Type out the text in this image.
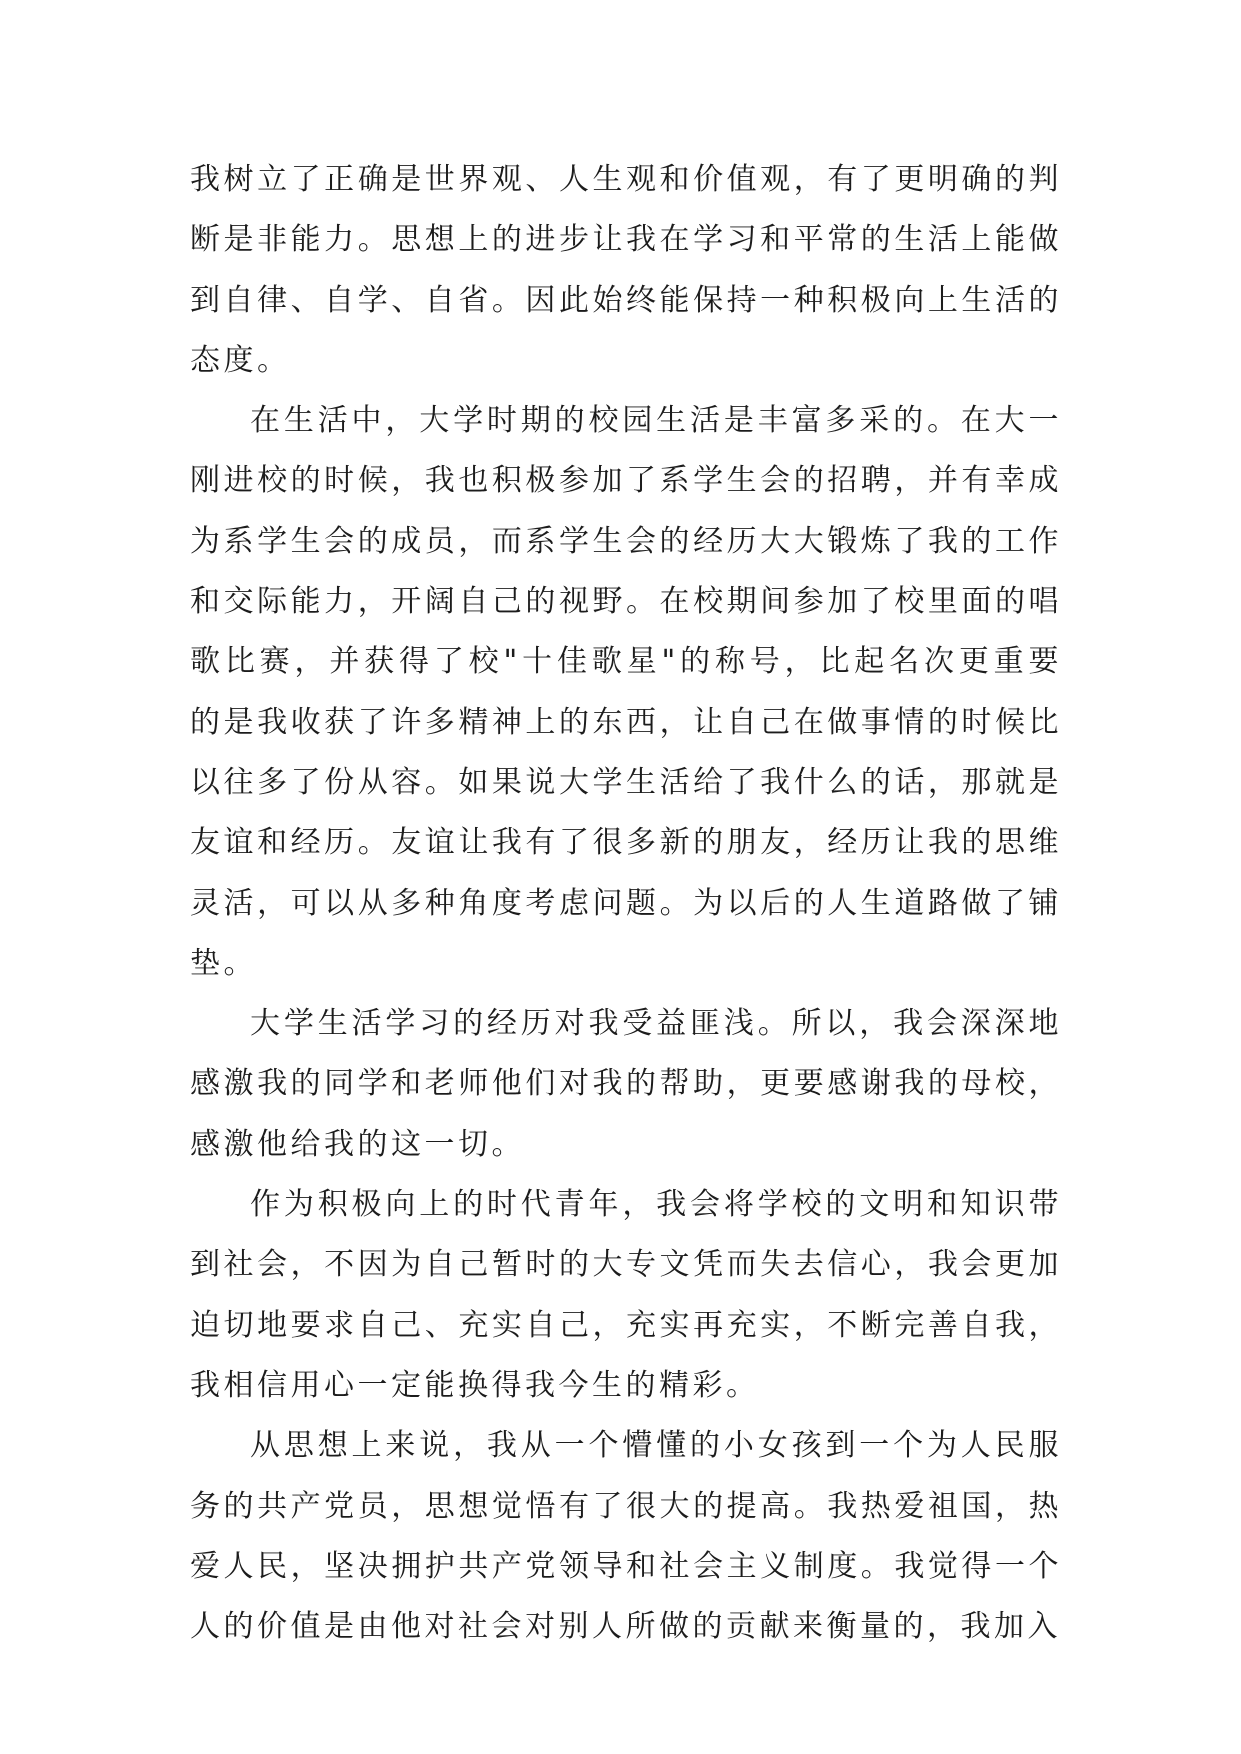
我树立了正确是世界观、人生观和价值观，有了更明确的判断是非能力。思想上的进步让我在学习和平常的生活上能做到自律、自学、自省。因此始终能保持一种积极向上生活的态度。

在生活中，大学时期的校园生活是丰富多采的。在大一刚进校的时候，我也积极参加了系学生会的招聘，并有幸成为系学生会的成员，而系学生会的经历大大锻炼了我的工作和交际能力，开阔自己的视野。在校期间参加了校里面的唱歌比赛，并获得了校"十佳歌星"的称号，比起名次更重要的是我收获了许多精神上的东西，让自己在做事情的时候比以往多了份从容。如果说大学生活给了我什么的话，那就是友谊和经历。友谊让我有了很多新的朋友，经历让我的思维灵活，可以从多种角度考虑问题。为以后的人生道路做了铺垫。

大学生活学习的经历对我受益匪浅。所以，我会深深地感激我的同学和老师他们对我的帮助，更要感谢我的母校，感激他给我的这一切。

作为积极向上的时代青年，我会将学校的文明和知识带到社会，不因为自己暂时的大专文凭而失去信心，我会更加迫切地要求自己、充实自己，充实再充实，不断完善自我，我相信用心一定能换得我今生的精彩。

从思想上来说，我从一个懵懂的小女孩到一个为人民服务的共产党员，思想觉悟有了很大的提高。我热爱祖国，热爱人民，坚决拥护共产党领导和社会主义制度。我觉得一个人的价值是由他对社会对别人所做的贡献来衡量的，我加入
